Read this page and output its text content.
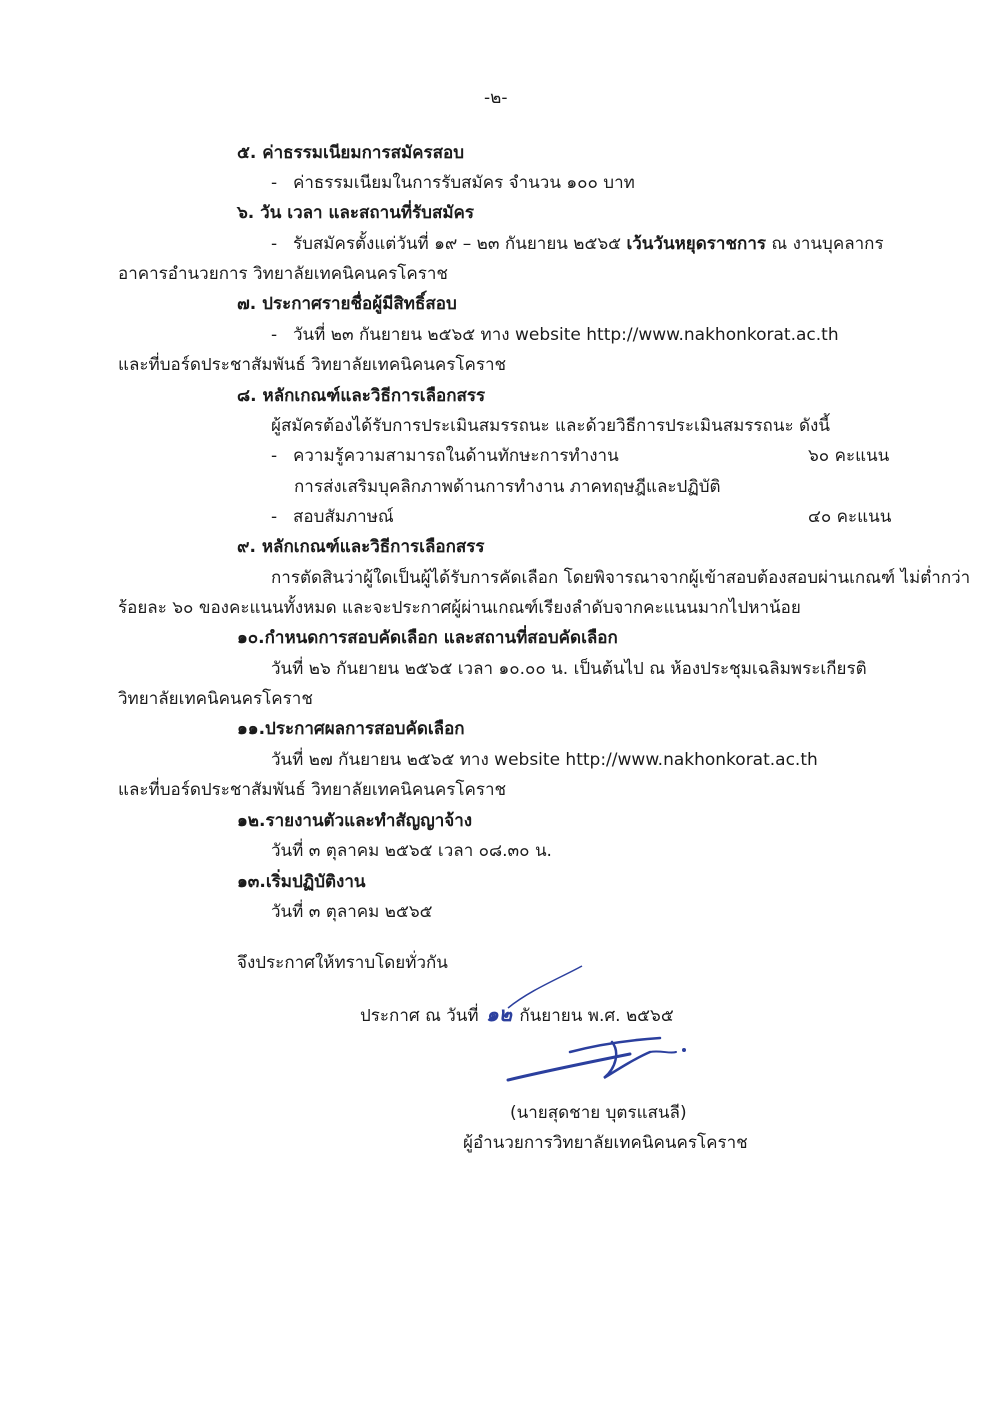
-๒-
๕. ค่าธรรมเนียมการสมัครสอบ
- ค่าธรรมเนียมในการรับสมัคร จำนวน ๑๐๐ บาท
๖. วัน เวลา และสถานที่รับสมัคร
- รับสมัครตั้งแต่วันที่ ๑๙ – ๒๓ กันยายน ๒๕๖๕ เว้นวันหยุดราชการ ณ งานบุคลากร
อาคารอำนวยการ วิทยาลัยเทคนิคนครโคราช
๗. ประกาศรายชื่อผู้มีสิทธิ์สอบ
- วันที่ ๒๓ กันยายน ๒๕๖๕ ทาง website http://www.nakhonkorat.ac.th
และที่บอร์ดประชาสัมพันธ์ วิทยาลัยเทคนิคนครโคราช
๘. หลักเกณฑ์และวิธีการเลือกสรร
ผู้สมัครต้องได้รับการประเมินสมรรถนะ และด้วยวิธีการประเมินสมรรถนะ ดังนี้
- ความรู้ความสามารถในด้านทักษะการทำงาน	๖๐ คะแนน
การส่งเสริมบุคลิกภาพด้านการทำงาน ภาคทฤษฎีและปฏิบัติ
- สอบสัมภาษณ์	๔๐ คะแนน
๙. หลักเกณฑ์และวิธีการเลือกสรร
การตัดสินว่าผู้ใดเป็นผู้ได้รับการคัดเลือก โดยพิจารณาจากผู้เข้าสอบต้องสอบผ่านเกณฑ์ ไม่ต่ำกว่า
ร้อยละ ๖๐ ของคะแนนทั้งหมด และจะประกาศผู้ผ่านเกณฑ์เรียงลำดับจากคะแนนมากไปหาน้อย
๑๐.กำหนดการสอบคัดเลือก และสถานที่สอบคัดเลือก
วันที่ ๒๖ กันยายน ๒๕๖๕ เวลา ๑๐.๐๐ น. เป็นต้นไป ณ ห้องประชุมเฉลิมพระเกียรติ
วิทยาลัยเทคนิคนครโคราช
๑๑.ประกาศผลการสอบคัดเลือก
วันที่ ๒๗ กันยายน ๒๕๖๕ ทาง website http://www.nakhonkorat.ac.th
และที่บอร์ดประชาสัมพันธ์ วิทยาลัยเทคนิคนครโคราช
๑๒.รายงานตัวและทำสัญญาจ้าง
วันที่ ๓ ตุลาคม ๒๕๖๕ เวลา ๐๘.๓๐ น.
๑๓.เริ่มปฏิบัติงาน
วันที่ ๓ ตุลาคม ๒๕๖๕
จึงประกาศให้ทราบโดยทั่วกัน
ประกาศ ณ วันที่ ๑๒ กันยายน พ.ศ. ๒๕๖๕
(นายสุดชาย บุตรแสนลี)
ผู้อำนวยการวิทยาลัยเทคนิคนครโคราช
